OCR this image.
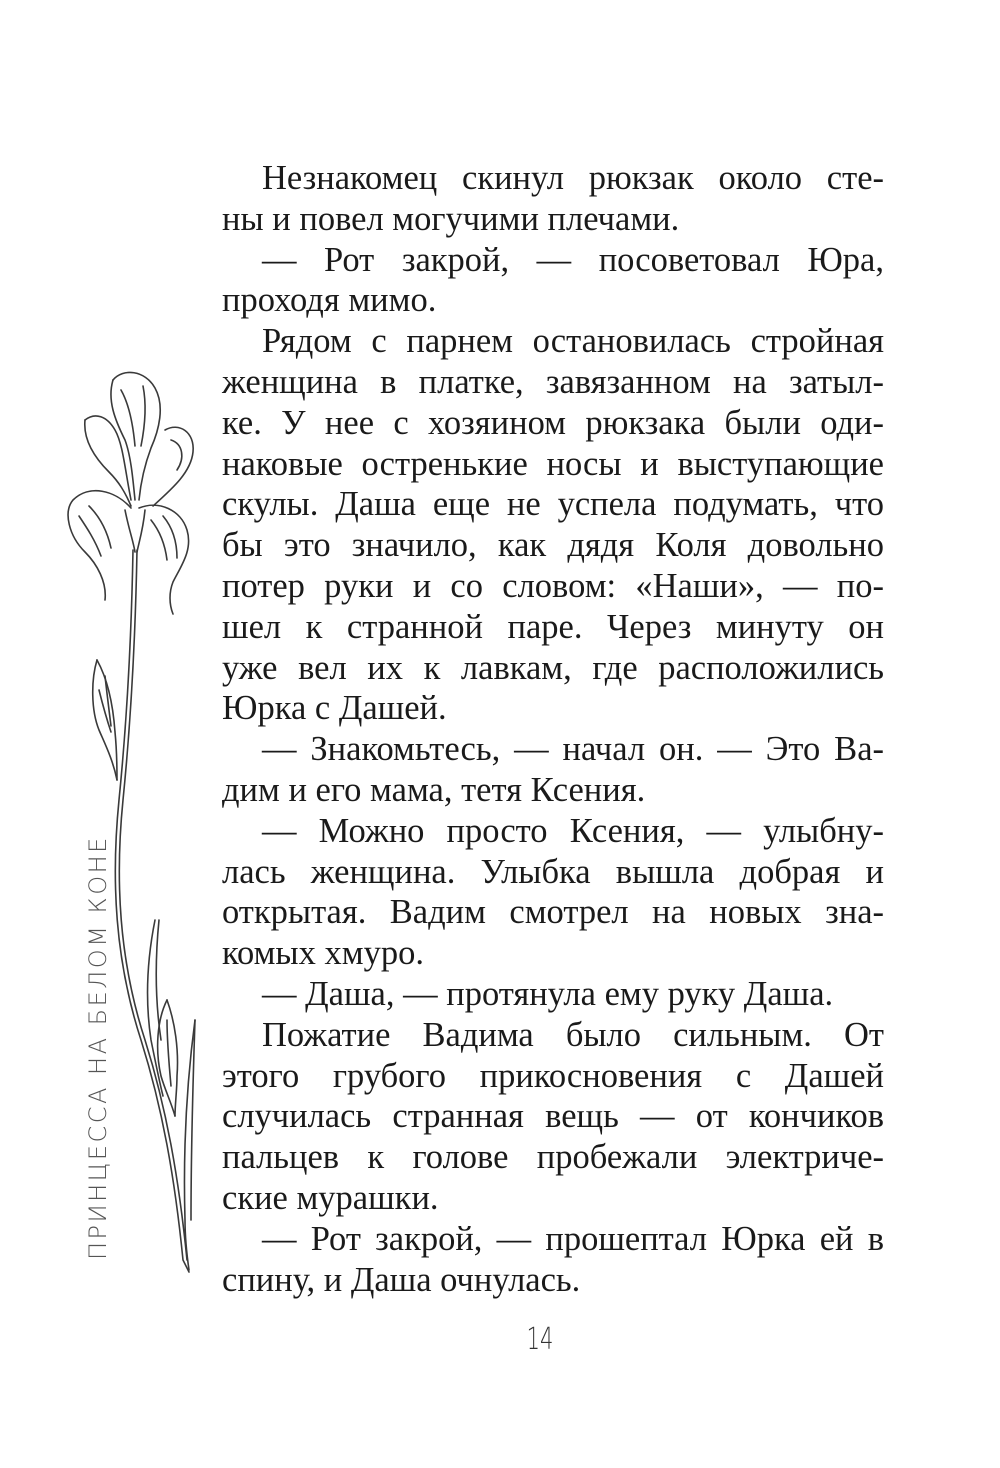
ПРИНЦЕССА НА БЕЛОМ КОНЕ
Незнакомец скинул рюкзак около сте-
ны и повел могучими плечами.
— Рот закрой, — посоветовал Юра,
проходя мимо.
Рядом с парнем остановилась стройная
женщина в платке, завязанном на затыл-
ке. У нее с хозяином рюкзака были оди-
наковые остренькие носы и выступающие
скулы. Даша еще не успела подумать, что
бы это значило, как дядя Коля довольно
потер руки и со словом: «Наши», — по-
шел к странной паре. Через минуту он
уже вел их к лавкам, где расположились
Юрка с Дашей.
— Знакомьтесь, — начал он. — Это Ва-
дим и его мама, тетя Ксения.
— Можно просто Ксения, — улыбну-
лась женщина. Улыбка вышла добрая и
открытая. Вадим смотрел на новых зна-
комых хмуро.
— Даша, — протянула ему руку Даша.
Пожатие Вадима было сильным. От
этого грубого прикосновения с Дашей
случилась странная вещь — от кончиков
пальцев к голове пробежали электриче-
ские мурашки.
— Рот закрой, — прошептал Юрка ей в
спину, и Даша очнулась.
14
